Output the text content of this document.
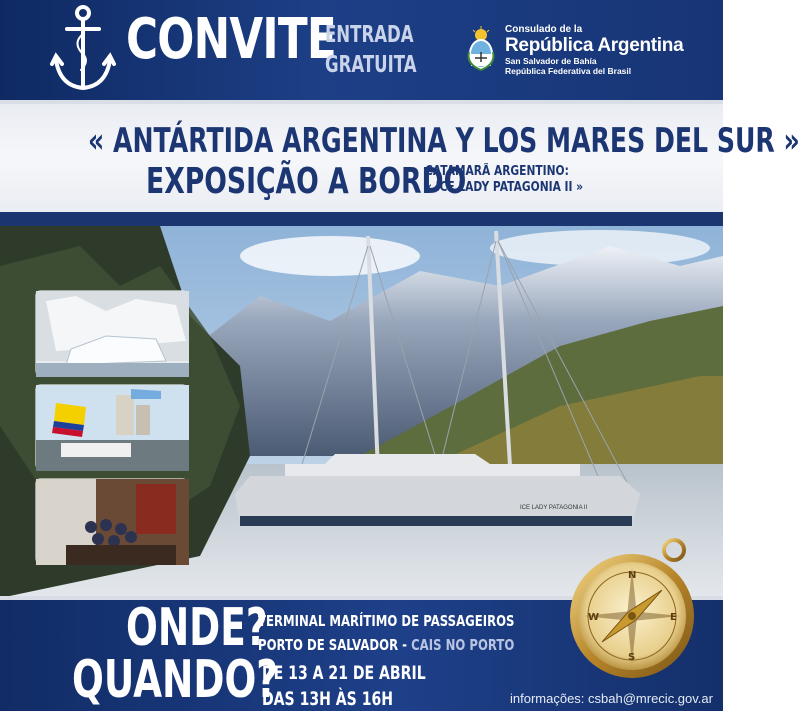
CONVITE
ENTRADA
GRATUITA
Consulado de la
República Argentina
San Salvador de Bahía
República Federativa del Brasil
« ANTÁRTIDA ARGENTINA Y LOS MARES DEL SUR »
EXPOSIÇÃO A BORDO
CATAMARÃ ARGENTINO:
« ICE LADY PATAGONIA II »
ICE LADY PATAGONIA II
ONDE?
QUANDO?
TERMINAL MARÍTIMO DE PASSAGEIROS
PORTO DE SALVADOR - CAIS NO PORTO
DE 13 A 21 DE ABRIL
DAS 13H ÀS 16H	informações: csbah@mrecic.gov.ar
N
E
S
W
